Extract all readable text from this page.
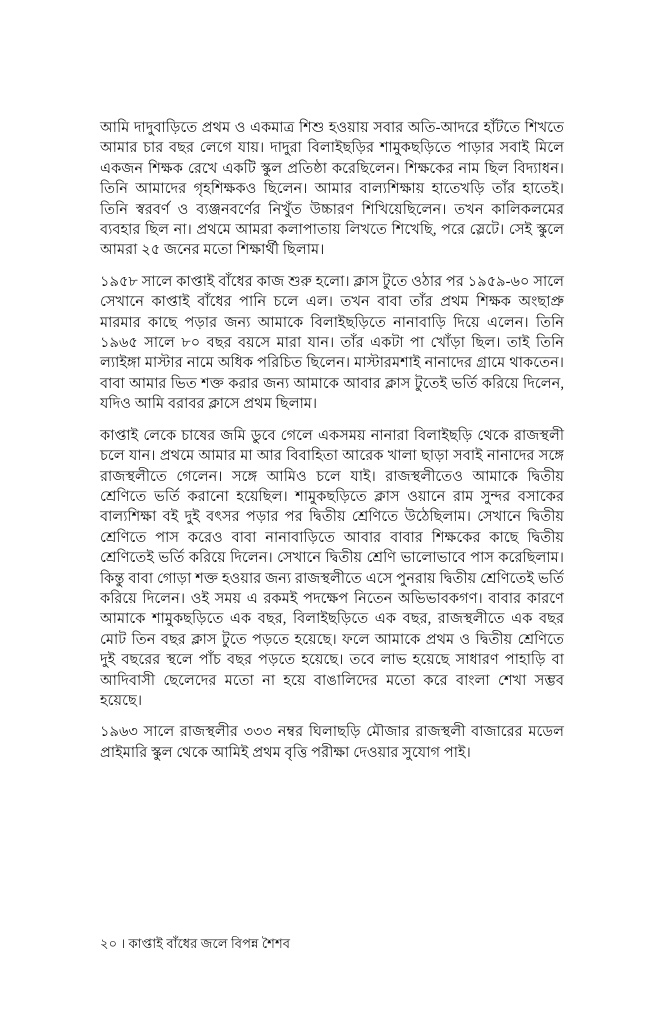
আমি দাদুবাড়িতে প্রথম ও একমাত্র শিশু হওয়ায় সবার অতি-আদরে হাঁটতে শিখতে আমার চার বছর লেগে যায়। দাদুরা বিলাইছড়ির শামুকছড়িতে পাড়ার সবাই মিলে একজন শিক্ষক রেখে একটি স্কুল প্রতিষ্ঠা করেছিলেন। শিক্ষকের নাম ছিল বিদ্যাধন। তিনি আমাদের গৃহশিক্ষকও ছিলেন। আমার বাল্যশিক্ষায় হাতেখড়ি তাঁর হাতেই। তিনি স্বরবর্ণ ও ব্যঞ্জনবর্ণের নিখুঁত উচ্চারণ শিখিয়েছিলেন। তখন কালিকলমের ব্যবহার ছিল না। প্রথমে আমরা কলাপাতায় লিখতে শিখেছি, পরে স্লেটে। সেই স্কুলে আমরা ২৫ জনের মতো শিক্ষার্থী ছিলাম।

১৯৫৮ সালে কাপ্তাই বাঁধের কাজ শুরু হলো। ক্লাস টুতে ওঠার পর ১৯৫৯-৬০ সালে সেখানে কাপ্তাই বাঁধের পানি চলে এল। তখন বাবা তাঁর প্রথম শিক্ষক অংছাপ্রু মারমার কাছে পড়ার জন্য আমাকে বিলাইছড়িতে নানাবাড়ি দিয়ে এলেন। তিনি ১৯৬৫ সালে ৮০ বছর বয়সে মারা যান। তাঁর একটা পা খোঁড়া ছিল। তাই তিনি ল্যাইঙ্গা মাস্টার নামে অধিক পরিচিত ছিলেন। মাস্টারমশাই নানাদের গ্রামে থাকতেন। বাবা আমার ভিত শক্ত করার জন্য আমাকে আবার ক্লাস টুতেই ভর্তি করিয়ে দিলেন, যদিও আমি বরাবর ক্লাসে প্রথম ছিলাম।

কাপ্তাই লেকে চাষের জমি ডুবে গেলে একসময় নানারা বিলাইছড়ি থেকে রাজস্থলী চলে যান। প্রথমে আমার মা আর বিবাহিতা আরেক খালা ছাড়া সবাই নানাদের সঙ্গে রাজস্থলীতে গেলেন। সঙ্গে আমিও চলে যাই। রাজস্থলীতেও আমাকে দ্বিতীয় শ্রেণিতে ভর্তি করানো হয়েছিল। শামুকছড়িতে ক্লাস ওয়ানে রাম সুন্দর বসাকের বাল্যশিক্ষা বই দুই বৎসর পড়ার পর দ্বিতীয় শ্রেণিতে উঠেছিলাম। সেখানে দ্বিতীয় শ্রেণিতে পাস করেও বাবা নানাবাড়িতে আবার বাবার শিক্ষকের কাছে দ্বিতীয় শ্রেণিতেই ভর্তি করিয়ে দিলেন। সেখানে দ্বিতীয় শ্রেণি ভালোভাবে পাস করেছিলাম। কিন্তু বাবা গোড়া শক্ত হওয়ার জন্য রাজস্থলীতে এসে পুনরায় দ্বিতীয় শ্রেণিতেই ভর্তি করিয়ে দিলেন। ওই সময় এ রকমই পদক্ষেপ নিতেন অভিভাবকগণ। বাবার কারণে আমাকে শামুকছড়িতে এক বছর, বিলাইছড়িতে এক বছর, রাজস্থলীতে এক বছর মোট তিন বছর ক্লাস টুতে পড়তে হয়েছে। ফলে আমাকে প্রথম ও দ্বিতীয় শ্রেণিতে দুই বছরের স্থলে পাঁচ বছর পড়তে হয়েছে। তবে লাভ হয়েছে সাধারণ পাহাড়ি বা আদিবাসী ছেলেদের মতো না হয়ে বাঙালিদের মতো করে বাংলা শেখা সম্ভব হয়েছে।

১৯৬৩ সালে রাজস্থলীর ৩৩৩ নম্বর ঘিলাছড়ি মৌজার রাজস্থলী বাজারের মডেল প্রাইমারি স্কুল থেকে আমিই প্রথম বৃত্তি পরীক্ষা দেওয়ার সুযোগ পাই।

২০ । কাপ্তাই বাঁধের জলে বিপন্ন শৈশব
